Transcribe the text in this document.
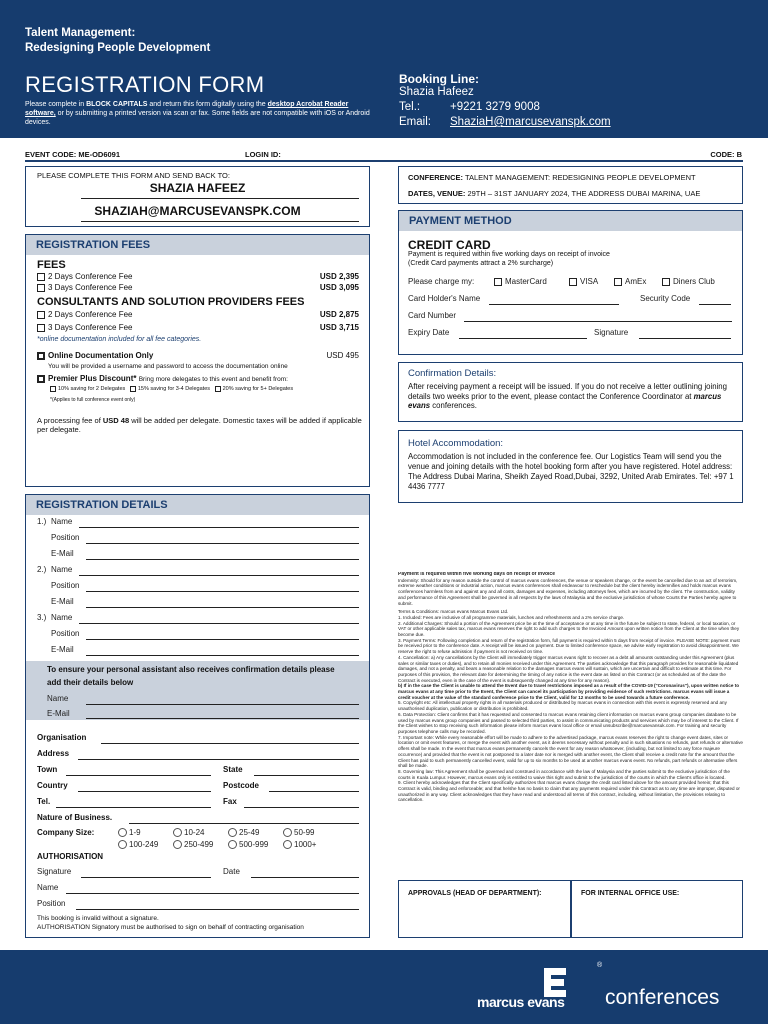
Talent Management:
Redesigning People Development
REGISTRATION FORM
Please complete in BLOCK CAPITALS and return this form digitally using the desktop Acrobat Reader software, or by submitting a printed version via scan or fax. Some fields are not compatible with iOS or Android devices.
Booking Line:
Shazia Hafeez
Tel.:	+9221 3279 9008
Email: ShaziaH@marcusevanspk.com
EVENT CODE: ME-OD6091	LOGIN ID:	CODE: B
PLEASE COMPLETE THIS FORM AND SEND BACK TO:
SHAZIA HAFEEZ
SHAZIAH@MARCUSEVANSPK.COM
CONFERENCE: TALENT MANAGEMENT: REDESIGNING PEOPLE DEVELOPMENT
DATES, VENUE: 29TH – 31ST JANUARY 2024, THE ADDRESS DUBAI MARINA, UAE
REGISTRATION FEES
FEES
2 Days Conference Fee	USD 2,395
3 Days Conference Fee	USD 3,095
CONSULTANTS AND SOLUTION PROVIDERS FEES
2 Days Conference Fee	USD 2,875
3 Days Conference Fee	USD 3,715
*online documentation included for all fee categories.
Online Documentation Only	USD 495
You will be provided a username and password to access the documentation online
Premier Plus Discount* Bring more delegates to this event and benefit from:
10% saving for 2 Delegates 15% saving for 3-4 Delegates 20% saving for 5+ Delegates
*(Applies to full conference event only)
A processing fee of USD 48 will be added per delegate. Domestic taxes will be added if applicable per delegate.
PAYMENT METHOD
CREDIT CARD
Payment is required within five working days on receipt of invoice
(Credit Card payments attract a 2% surcharge)
Please charge my:	MasterCard	VISA	AmEx	Diners Club
Card Holder's Name	Security Code
Card Number
Expiry Date	Signature
Confirmation Details:
After receiving payment a receipt will be issued. If you do not receive a letter outlining joining details two weeks prior to the event, please contact the Conference Coordinator at marcus evans conferences.
Hotel Accommodation:
Accommodation is not included in the conference fee. Our Logistics Team will send you the venue and joining details with the hotel booking form after you have registered. Hotel address: The Address Dubai Marina, Sheikh Zayed Road,Dubai, 3292, United Arab Emirates. Tel: +97 1 4436 7777
REGISTRATION DETAILS
1.) Name
Position
E-Mail
2.) Name
Position
E-Mail
3.) Name
Position
E-Mail
To ensure your personal assistant also receives confirmation details please add their details below
Name
E-Mail
Organisation
Address
Town	State
Country	Postcode
Tel.	Fax
Nature of Business.
Company Size:	1-9	10-24	25-49	50-99
100-249	250-499	500-999	1000+
AUTHORISATION
Signature	Date
Name
Position
This booking is invalid without a signature.
AUTHORISATION Signatory must be authorised to sign on behalf of contracting organisation

Payment is required within five working days on receipt of invoice

Indemnity: Should for any reason outside the control of marcus evans conferences, the venue or speakers change, or the event be cancelled due to an act of terrorism, extreme weather conditions or industrial action, marcus evans conferences shall endeavour to reschedule but the client hereby indemnifies and holds marcus evans conferences harmless from and against any and all costs, damages and expenses, including attorneys fees, which are incurred by the client. The construction, validity and performance of this Agreement shall be governed in all respects by the laws of Malaysia and the exclusive jurisdiction of whose Courts the Parties hereby agree to submit.

Terms & Conditions: marcus evans Marcus Evans Ltd.

1. Included: Fees are inclusive of all programme materials, lunches and refreshments and a 2% service charge.

2. Additional Charges: Should a portion of the Agreement price be at the time of acceptance or at any time in the future be subject to state, federal, or local taxation, or VAT or other applicable sales tax, marcus evans reserves the right to add such charges to the Invoiced Amount upon written notice from the Client at the time when they become due.

3. Payment Terms: Following completion and return of the registration form, full payment is required within 5 days from receipt of invoice. PLEASE NOTE: payment must be received prior to the conference date. A receipt will be issued on payment. Due to limited conference space, we advise early registration to avoid disappointment. We reserve the right to refuse admission if payment is not received on time.

4. Cancellation: a) Any cancellations by the Client will immediately trigger marcus evans right to recover as a debt all amounts outstanding under this Agreement (plus sales or similar taxes or duties), and to retain all monies received under this Agreement. The parties acknowledge that this paragraph provides for reasonable liquidated damages, and not a penalty, and bears a reasonable relation to the damages marcus evans will sustain, which are uncertain and difficult to estimate at this time. For purposes of this provision, the relevant date for determining the timing of any notice is the event date as listed on this Contract (or as scheduled as of the date the Contract is executed, even in the case of the event is subsequently changed at any time for any reason).

b) If in the case the Client is unable to attend the Event due to travel restrictions imposed as a result of the COVID-19 ("Coronavirus"), upon written notice to marcus evans at any time prior to the Event, the Client can cancel its participation by providing evidence of such restrictions. marcus evans will issue a credit voucher at the value of the standard conference price to the Client, valid for 12 months to be used towards a future conference.

5. Copyright etc: All intellectual property rights in all materials produced or distributed by marcus evans in connection with this event is expressly reserved and any unauthorised duplication, publication or distribution is prohibited.

6. Data Protection: Client confirms that it has requested and consented to marcus evans retaining client information on marcus evans group companies database to be used by marcus evans group companies and passed to selected third parties, to assist in communicating products and services which may be of interest to the Client. If the Client wishes to stop receiving such information please inform marcus evans local office or email unsubscribe@marcusevansuk.com. For training and security purposes telephone calls may be recorded.

7. Important note: While every reasonable effort will be made to adhere to the advertised package, marcus evans reserves the right to change event dates, sites or location or omit event features, or merge the event with another event, as it deems necessary without penalty and in such situations no refunds, part refunds or alternative offers shall be made. In the event that marcus evans permanently cancels the event for any reason whatsoever, (including, but not limited to any force majeure occurrence) and provided that the event is not postponed to a later date nor is merged with another event, the Client shall receive a credit note for the amount that the Client has paid to such permanently cancelled event, valid for up to six months to be used at another marcus evans event. No refunds, part refunds or alternative offers shall be made.

8. Governing law: This Agreement shall be governed and construed in accordance with the law of Malaysia and the parties submit to the exclusive jurisdiction of the courts in Kuala Lumpur. However, marcus evans only is entitled to waive this right and submit to the jurisdiction of the courts in which the Client's office is located.

9. Client hereby acknowledges that the Client specifically authorizes that marcus evans charge the credit card listed above for the amount provided herein; that this Contract is valid, binding and enforceable; and that he/she has no basis to claim that any payments required under this Contract as to any time are improper, disputed or unauthorized in any way. Client acknowledges that they have read and understood all terms of this contract, including, without limitation, the provisions relating to cancellation.

APPROVALS (HEAD OF DEPARTMENT):	FOR INTERNAL OFFICE USE:
®
marcus evans conferences
